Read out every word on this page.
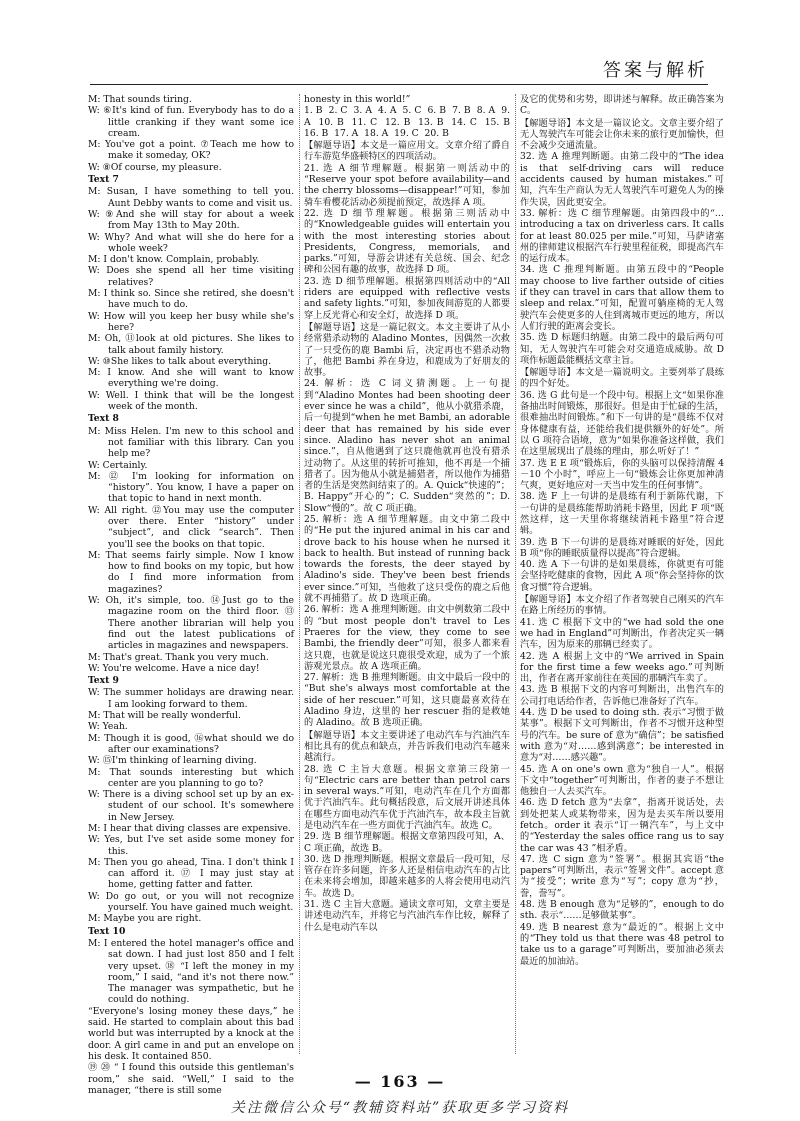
答案与解析

M: That sounds tiring.

W: ⑥It's kind of fun. Everybody has to do a little cranking if they want some ice cream.

M: You've got a point. ⑦Teach me how to make it someday, OK?

W: ⑧Of course, my pleasure.

Text 7

M: Susan, I have something to tell you. Aunt Debby wants to come and visit us.

W: ⑨And she will stay for about a week from May 13th to May 20th.

W: Why? And what will she do here for a whole week?

M: I don't know. Complain, probably.

W: Does she spend all her time visiting relatives?

M: I think so. Since she retired, she doesn't have much to do.

W: How will you keep her busy while she's here?

M: Oh, ⑪look at old pictures. She likes to talk about family history.

W: ⑩She likes to talk about everything.

M: I know. And she will want to know everything we're doing.

W: Well. I think that will be the longest week of the month.

Text 8

M: Miss Helen. I'm new to this school and not familiar with this library. Can you help me?

W: Certainly.

M: ⑫ I'm looking for information on “history”. You know, I have a paper on that topic to hand in next month.

W: All right. ⑫You may use the computer over there. Enter “history” under “subject”, and click “search”. Then you'll see the books on that topic.

M: That seems fairly simple. Now I know how to find books on my topic, but how do I find more information from magazines?

W: Oh, it's simple, too. ⑭Just go to the magazine room on the third floor. ⑬ There another librarian will help you find out the latest publications of articles in magazines and newspapers.

M: That's great. Thank you very much.

W: You're welcome. Have a nice day!

Text 9

W: The summer holidays are drawing near. I am looking forward to them.

M: That will be really wonderful.

W: Yeah.

M: Though it is good, ⑯what should we do after our examinations?

W: ⑮I'm thinking of learning diving.

M: That sounds interesting but which center are you planning to go to?

W: There is a diving school set up by an ex-student of our school. It's somewhere in New Jersey.

M: I hear that diving classes are expensive.

W: Yes, but I've set aside some money for this.

M: Then you go ahead, Tina. I don't think I can afford it. ⑰ I may just stay at home, getting fatter and fatter.

W: Do go out, or you will not recognize yourself. You have gained much weight.

M: Maybe you are right.

Text 10

M: I entered the hotel manager's office and sat down. I had just lost 850 and I felt very upset. ⑱ “I left the money in my room,” I said, “and it's not there now.” The manager was sympathetic, but he could do nothing.

“Everyone's losing money these days,” he said. He started to complain about this bad world but was interrupted by a knock at the door. A girl came in and put an envelope on his desk. It contained 850.

⑲ ⑳ “ I found this outside this gentleman's room,” she said. “Well,” I said to the manager, “there is still some

honesty in this world!”

1. B  2. C  3. A  4. A  5. C  6. B  7. B  8. A  9. A  10. B  11. C  12. B  13. B  14. C  15. B  16. B  17. A  18. A  19. C  20. B

【解题导语】本文是一篇应用文。文章介绍了爵自行车游览华盛顿特区的四项活动。

21. 选 A 细节理解题。根据第一则活动中的 “Reserve your spot before availability—and the cherry blossoms—disappear!”可知，参加骑车看樱花活动必须提前预定，故选择 A 项。

22. 选 D 细节理解题。根据第三则活动中的“Knowledgeable guides will entertain you with the most interesting stories about Presidents, Congress, memorials, and parks.”可知，导游会讲述有关总统、国会、纪念碑和公园有趣的故事，故选择 D 项。

23. 选 D 细节理解题。根据第四则活动中的“All riders are equipped with reflective vests and safety lights.”可知，参加夜间游览的人都要穿上反光背心和安全灯，故选择 D 项。

【解题导语】这是一篇记叙文。本文主要讲了从小经常猎杀动物的 Aladino Montes，因偶然一次救了一只受伤的鹿 Bambi 后，决定再也不猎杀动物了，他把 Bambi 养在身边，和鹿成为了好朋友的故事。

24. 解析：选 C 词义猜测题。上一句提到“Aladino Montes had been shooting deer ever since he was a child”，他从小就猎杀鹿，后一句提到“when he met Bambi, an adorable deer that has remained by his side ever since. Aladino has never shot an animal since.”，自从他遇到了这只鹿他就再也没有猎杀过动物了。从这里的转折可推知，他不再是一个捕猎者了。因为他从小就是捕猎者，所以他作为捕猎者的生活是突然间结束了的。A. Quick“快速的”；B. Happy“开心的”；C. Sudden“突然的”；D. Slow“慢的”。故 C 项正确。

25. 解析：选 A 细节理解题。由文中第二段中的“He put the injured animal in his car and drove back to his house when he nursed it back to health. But instead of running back towards the forests, the deer stayed by Aladino's side. They've been best friends ever since.”可知，当他救了这只受伤的鹿之后他就不再捕猎了。故 D 选项正确。

26. 解析：选 A 推理判断题。由文中例数第二段中的“but most people don't travel to Les Praeres for the view, they come to see Bambi, the friendly deer”可知，很多人都来看这只鹿，也就是说这只鹿很受欢迎，成为了一个旅游观光景点。故 A 选项正确。

27. 解析：选 B 推理判断题。由文中最后一段中的 “But she's always most comfortable at the side of her rescuer.”可知，这只鹿最喜欢待在 Aladino 身边，这里的 her rescuer 指的是救她的 Aladino。故 B 选项正确。

【解题导语】本文主要讲述了电动汽车与汽油汽车相比具有的优点和缺点，并告诉我们电动汽车越来越流行。

28. 选 C 主旨大意题。根据文章第三段第一句“Electric cars are better than petrol cars in several ways.”可知，电动汽车在几个方面都优于汽油汽车。此句概括段意，后文展开讲述具体在哪些方面电动汽车优于汽油汽车，故本段主旨就是电动汽车在一些方面优于汽油汽车。故选 C。

29. 选 B 细节理解题。根据文章第四段可知，A、C 项正确，故选 B。

30. 选 D 推理判断题。根据文章最后一段可知，尽管存在许多问题，许多人还是相信电动汽车的占比在未来将会增加，即越来越多的人将会使用电动汽车。故选 D。

31. 选 C 主旨大意题。通读文章可知，文章主要是讲述电动汽车，并将它与汽油汽车作比较，解释了什么是电动汽车以

及它的优势和劣势，即讲述与解释。故正确答案为 C。

【解题导语】本文是一篇议论文。文章主要介绍了无人驾驶汽车可能会让你未来的旅行更加愉快，但不会减少交通流量。

32. 选 A 推理判断题。由第二段中的“The idea is that self-driving cars will reduce accidents caused by human mistakes.”可知，汽车生产商认为无人驾驶汽车可避免人为的操作失误，因此更安全。

33. 解析：选 C 细节理解题。由第四段中的“…introducing a tax on driverless cars. It calls for at least 80.025 per mile.”可知，马萨诸塞州的律师建议根据汽车行驶里程征税，即提高汽车的运行成本。

34. 选 C 推理判断题。由第五段中的“People may choose to live farther outside of cities if they can travel in cars that allow them to sleep and relax.”可知，配置可躺座椅的无人驾驶汽车会使更多的人住到离城市更远的地方，所以人们行驶的距离会变长。

35. 选 D 标题归纳题。由第二段中的最后两句可知，无人驾驶汽车可能会对交通造成威胁。故 D 项作标题最能概括文章主旨。

【解题导语】本文是一篇说明文。主要列举了晨练的四个好处。

36. 选 G 此句是一个段中句。根据上文“如果你准备抽出时间锻炼，那很好。但是由于忙碌的生活，很难抽出时间锻炼。”和下一句讲的是“晨练不仅对身体健康有益，还能给我们提供额外的好处”。所以 G 项符合语境，意为“如果你准备这样做，我们在这里展现出了晨练的理由，那么听好了！”

37. 选 E E 项“锻炼后，你的头脑可以保持清醒 4－10 个小时”，呼应上一句“锻炼会让你更加神清气爽，更好地应对一天当中发生的任何事情”。

38. 选 F 上一句讲的是晨练有利于新陈代谢，下一句讲的是晨练能帮助消耗卡路里，因此 F 项“既然这样，这一天里你将继续消耗卡路里”符合逻辑。

39. 选 B 下一句讲的是晨练对睡眠的好处，因此 B 项“你的睡眠质量得以提高”符合逻辑。

40. 选 A 下一句讲的是如果晨练，你就更有可能会坚持吃健康的食物，因此 A 项“你会坚持你的饮食习惯”符合逻辑。

【解题导语】本文介绍了作者驾驶自己刚买的汽车在路上所经历的事情。

41. 选 C 根据下文中的“we had sold the one we had in England”可判断出，作者决定买一辆汽车，因为原来的那辆已经卖了。

42. 选 A 根据上文中的“We arrived in Spain for the first time a few weeks ago.”可判断出，作者在离开家前往在英国的那辆汽车卖了。

43. 选 B 根据下文的内容可判断出，出售汽车的公司打电话给作者，告诉他已准备好了汽车。

44. 选 D be used to doing sth. 表示“习惯于做某事”。根据下文可判断出，作者不习惯开这种型号的汽车。be sure of 意为“确信”；be satisfied with 意为“对……感到满意”；be interested in 意为“对……感兴趣”。

45. 选 A on one's own 意为“独自一人”。根据下文中“together”可判断出，作者的妻子不想让他独自一人去买汽车。

46. 选 D fetch 意为“去拿”，指离开说话处，去到处把某人或某物带来，因为是去买车所以要用 fetch。order it 表示“订一辆汽车”，与上文中的“Yesterday the sales office rang us to say the car was 43 ”相矛盾。

47. 选 C sign 意为“签署”。根据其宾语“the papers”可判断出，表示“签署文件”。accept 意为“接受”；write 意为“写”；copy 意为“抄，誊，誊写”。

48. 选 B enough 意为“足够的”，enough to do sth. 表示“……足够做某事”。

49. 选 B nearest 意为“最近的”。根据上文中的“They told us that there was 48 petrol to take us to a garage”可判断出，要加油必须去最近的加油站。

— 163 —
关注微信公众号“教辅资料站”获取更多学习资料
